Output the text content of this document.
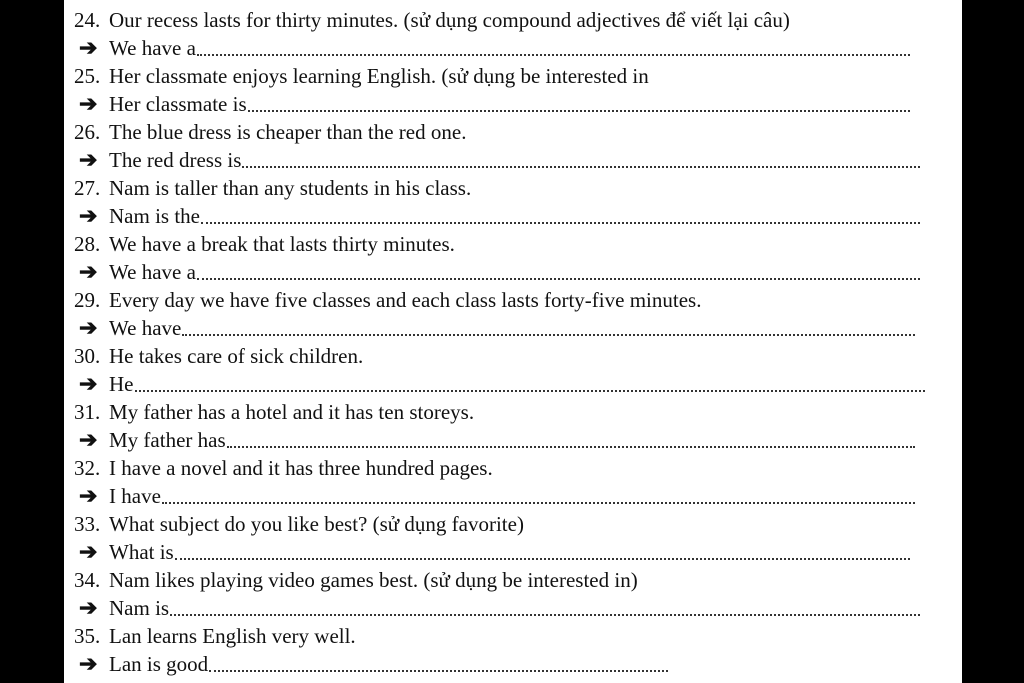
24. Our recess lasts for thirty minutes. (sử dụng compound adjectives để viết lại câu)
➔ We have a
25. Her classmate enjoys learning English. (sử dụng be interested in
➔ Her classmate is
26. The blue dress is cheaper than the red one.
➔ The red dress is
27. Nam is taller than any students in his class.
➔ Nam is the
28. We have a break that lasts thirty minutes.
➔ We have a
29. Every day we have five classes and each class lasts forty-five minutes.
➔ We have
30. He takes care of sick children.
➔ He
31. My father has a hotel and it has ten storeys.
➔ My father has
32. I have a novel and it has three hundred pages.
➔ I have
33. What subject do you like best? (sử dụng favorite)
➔ What is
34. Nam likes playing video games best. (sử dụng be interested in)
➔ Nam is
35. Lan learns English very well.
➔ Lan is good
